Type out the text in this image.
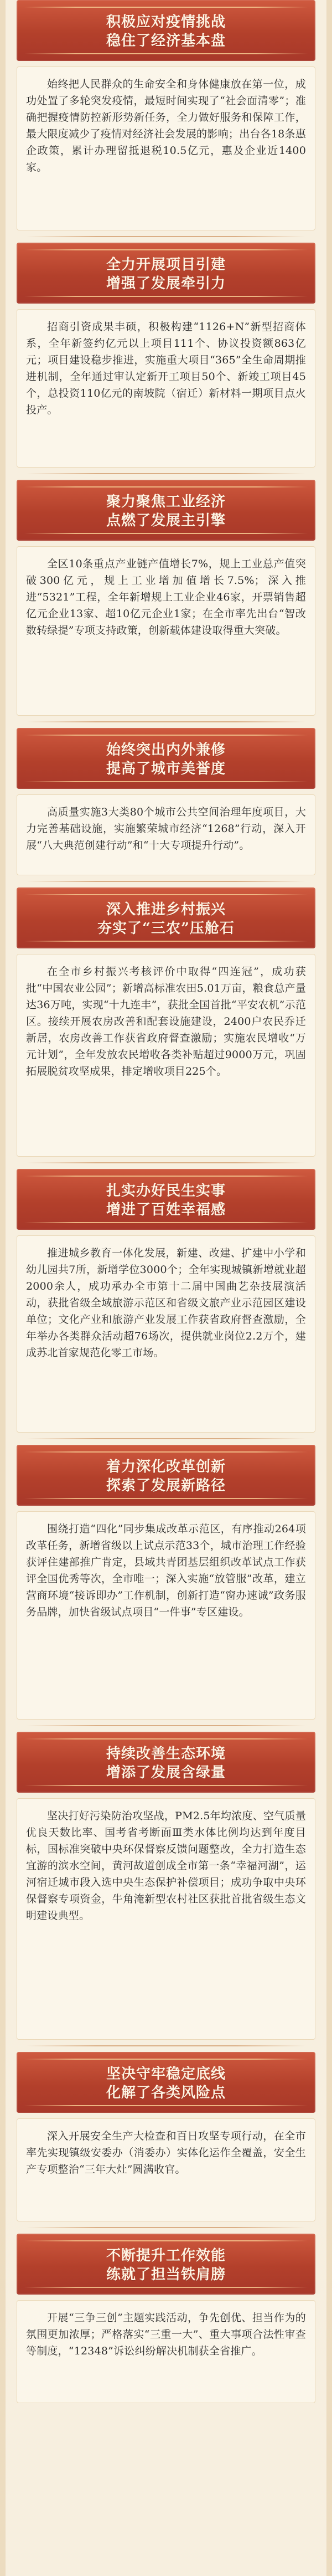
积极应对疫情挑战
稳住了经济基本盘

始终把人民群众的生命安全和身体健康放在第一位，成功处置了多轮突发疫情，最短时间实现了“社会面清零”；准确把握疫情防控新形势新任务，全力做好服务和保障工作，最大限度减少了疫情对经济社会发展的影响；出台各18条惠企政策，累计办理留抵退税10.5亿元，惠及企业近1400家。

全力开展项目引建
增强了发展牵引力

招商引资成果丰硕，积极构建“1126+N”新型招商体系，全年新签约亿元以上项目111个、协议投资额863亿元；项目建设稳步推进，实施重大项目“365”全生命周期推进机制，全年通过审认定新开工项目50个、新竣工项目45个，总投资110亿元的南坡院（宿迁）新材料一期项目点火投产。

聚力聚焦工业经济
点燃了发展主引擎

全区10条重点产业链产值增长7%，规上工业总产值突破300亿元，规上工业增加值增长7.5%；深入推进“5321”工程，全年新增规上工业企业46家，开票销售超亿元企业13家、超10亿元企业1家；在全市率先出台“智改数转绿提”专项支持政策，创新载体建设取得重大突破。

始终突出内外兼修
提高了城市美誉度

高质量实施3大类80个城市公共空间治理年度项目，大力完善基础设施，实施繁荣城市经济“1268”行动，深入开展“八大典范创建行动”和“十大专项提升行动”。

深入推进乡村振兴
夯实了“三农”压舱石

在全市乡村振兴考核评价中取得“四连冠”，成功获批“中国农业公园”；新增高标准农田5.01万亩，粮食总产量达36万吨，实现“十九连丰”，获批全国首批“平安农机”示范区。接续开展农房改善和配套设施建设，2400户农民乔迁新居，农房改善工作获省政府督查激励；实施农民增收“万元计划”，全年发放农民增收各类补贴超过9000万元，巩固拓展脱贫攻坚成果，排定增收项目225个。

扎实办好民生实事
增进了百姓幸福感

推进城乡教育一体化发展，新建、改建、扩建中小学和幼儿园共7所，新增学位3000个；全年实现城镇新增就业超2000余人，成功承办全市第十二届中国曲艺杂技展演活动，获批省级全域旅游示范区和省级文旅产业示范园区建设单位；文化产业和旅游产业发展工作获省政府督查激励，全年举办各类群众活动超76场次，提供就业岗位2.2万个，建成苏北首家规范化零工市场。

着力深化改革创新
探索了发展新路径

围绕打造“四化”同步集成改革示范区，有序推动264项改革任务，新增省级以上试点示范33个，城市治理工作经验获评住建部推广肯定，县域共青团基层组织改革试点工作获评全国优秀等次，全市唯一；深入实施“放管服”改革，建立营商环境“接诉即办”工作机制，创新打造“窗办速诚”政务服务品牌，加快省级试点项目“一件事”专区建设。

持续改善生态环境
增添了发展含绿量

坚决打好污染防治攻坚战，PM2.5年均浓度、空气质量优良天数比率、国考省考断面Ⅲ类水体比例均达到年度目标，国标准突破中央环保督察反馈问题整改，全力打造生态宜游的滨水空间，黄河故道创成全市第一条“幸福河湖”，运河宿迁城市段入选中央生态保护补偿项目；成功争取中央环保督察专项资金，牛角淹新型农村社区获批首批省级生态文明建设典型。

坚决守牢稳定底线
化解了各类风险点

深入开展安全生产大检查和百日攻坚专项行动，在全市率先实现镇级安委办（消委办）实体化运作全覆盖，安全生产专项整治“三年大灶”圆满收官。

不断提升工作效能
练就了担当铁肩膀

开展“三争三创”主题实践活动，争先创优、担当作为的氛围更加浓厚；严格落实“三重一大”、重大事项合法性审查等制度，“12348”诉讼纠纷解决机制获全省推广。
